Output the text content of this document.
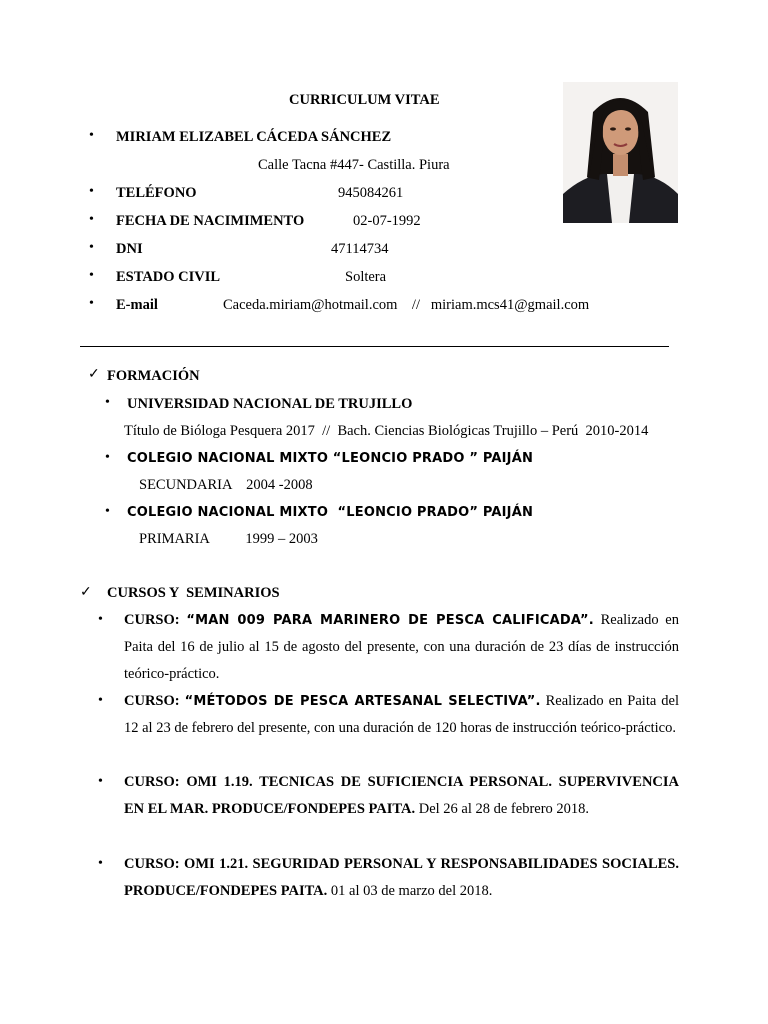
CURRICULUM VITAE
• MIRIAM ELIZABEL CÁCEDA SÁNCHEZ
Calle Tacna #447- Castilla. Piura
• TELÉFONO	945084261
• FECHA DE NACIMIMENTO	02-07-1992
• DNI	47114734
• ESTADO CIVIL	Soltera
• E-mail	Caceda.miriam@hotmail.com    //   miriam.mcs41@gmail.com
✓ FORMACIÓN
• UNIVERSIDAD NACIONAL DE TRUJILLO
Título de Bióloga Pesquera 2017  //  Bach. Ciencias Biológicas Trujillo – Perú  2010-2014
• COLEGIO NACIONAL MIXTO “LEONCIO PRADO ” PAIJÁN
SECUNDARIA    2004 -2008
• COLEGIO NACIONAL MIXTO  “LEONCIO PRADO” PAIJÁN
PRIMARIA          1999 – 2003
✓ CURSOS Y  SEMINARIOS
• CURSO: “MAN 009 PARA MARINERO DE PESCA CALIFICADA”. Realizado en Paita del 16 de julio al 15 de agosto del presente, con una duración de 23 días de instrucción teórico-práctico.
• CURSO: “MÉTODOS DE PESCA ARTESANAL SELECTIVA”. Realizado en Paita del 12 al 23 de febrero del presente, con una duración de 120 horas de instrucción teórico-práctico.
• CURSO: OMI 1.19. TECNICAS DE SUFICIENCIA PERSONAL. SUPERVIVENCIA EN EL MAR. PRODUCE/FONDEPES PAITA. Del 26 al 28 de febrero 2018.
• CURSO: OMI 1.21. SEGURIDAD PERSONAL Y RESPONSABILIDADES SOCIALES. PRODUCE/FONDEPES PAITA. 01 al 03 de marzo del 2018.
